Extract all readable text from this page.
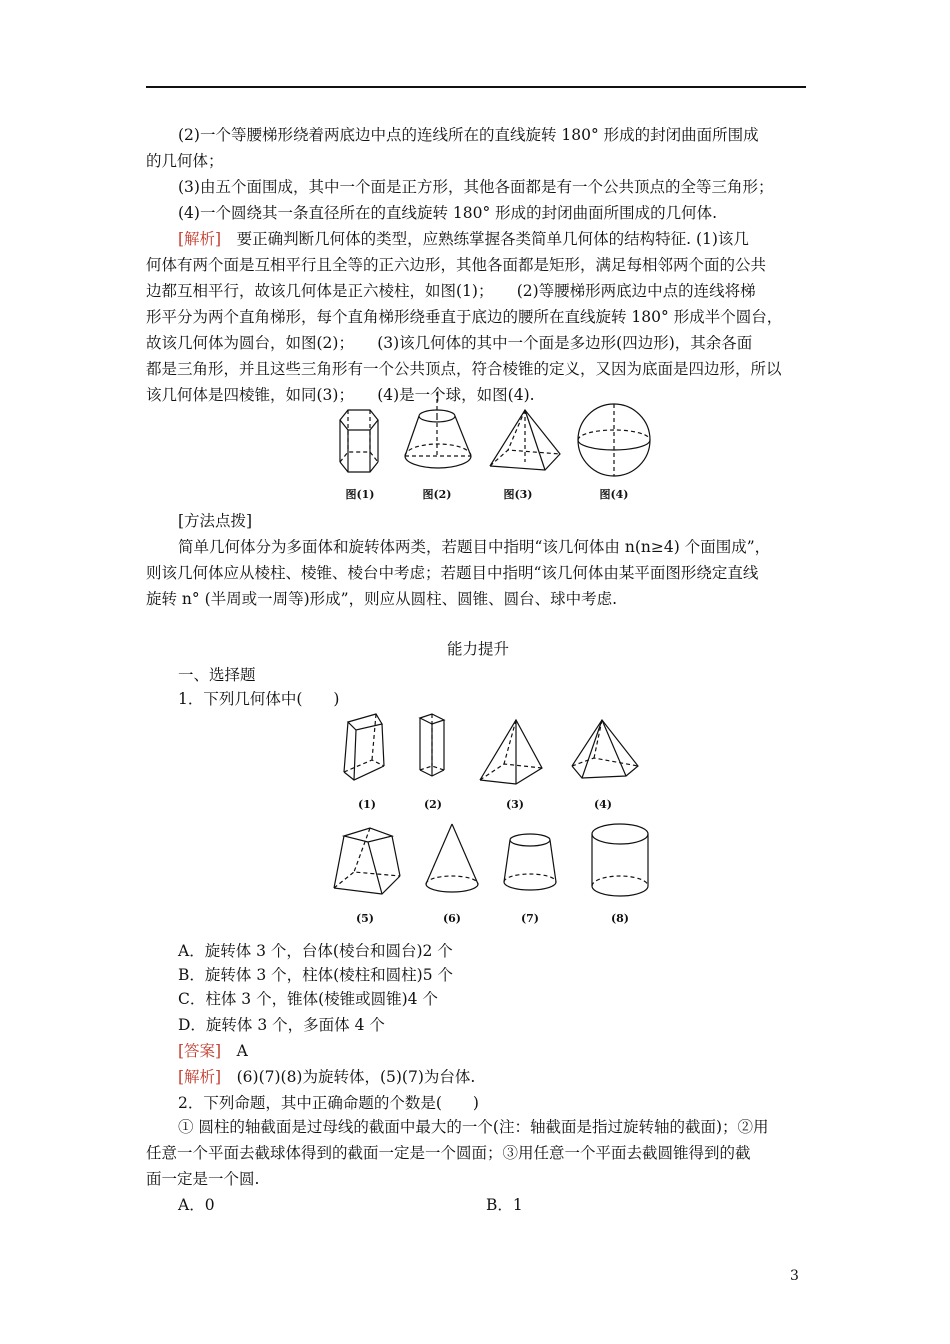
(2)一个等腰梯形绕着两底边中点的连线所在的直线旋转 180° 形成的封闭曲面所围成
的几何体；
(3)由五个面围成，其中一个面是正方形，其他各面都是有一个公共顶点的全等三角形；
(4)一个圆绕其一条直径所在的直线旋转 180° 形成的封闭曲面所围成的几何体.
[解析]　要正确判断几何体的类型，应熟练掌握各类简单几何体的结构特征. (1)该几
何体有两个面是互相平行且全等的正六边形，其他各面都是矩形，满足每相邻两个面的公共
边都互相平行，故该几何体是正六棱柱，如图(1)；　　(2)等腰梯形两底边中点的连线将梯
形平分为两个直角梯形，每个直角梯形绕垂直于底边的腰所在直线旋转 180° 形成半个圆台，
故该几何体为圆台，如图(2)；　　(3)该几何体的其中一个面是多边形(四边形)，其余各面
都是三角形，并且这些三角形有一个公共顶点，符合棱锥的定义，又因为底面是四边形，所以
该几何体是四棱锥，如同(3)；　　(4)是一个球，如图(4).
图(1)	图(2)	图(3)	图(4)
[方法点拨]
简单几何体分为多面体和旋转体两类，若题目中指明“该几何体由 n(n≥4) 个面围成”，
则该几何体应从棱柱、棱锥、棱台中考虑；若题目中指明“该几何体由某平面图形绕定直线
旋转 n° (半周或一周等)形成”，则应从圆柱、圆锥、圆台、球中考虑.
能力提升
一、选择题
1．下列几何体中(　　)
(1)	(2)	(3)	(4)
(5)	(6)	(7)	(8)
A．旋转体 3 个，台体(棱台和圆台)2 个
B．旋转体 3 个，柱体(棱柱和圆柱)5 个
C．柱体 3 个，锥体(棱锥或圆锥)4 个
D．旋转体 3 个，多面体 4 个
[答案]　A
[解析]　(6)(7)(8)为旋转体，(5)(7)为台体.
2．下列命题，其中正确命题的个数是(　　)
① 圆柱的轴截面是过母线的截面中最大的一个(注：轴截面是指过旋转轴的截面)；②用
任意一个平面去截球体得到的截面一定是一个圆面；③用任意一个平面去截圆锥得到的截
面一定是一个圆.
A．0	B．1
3
